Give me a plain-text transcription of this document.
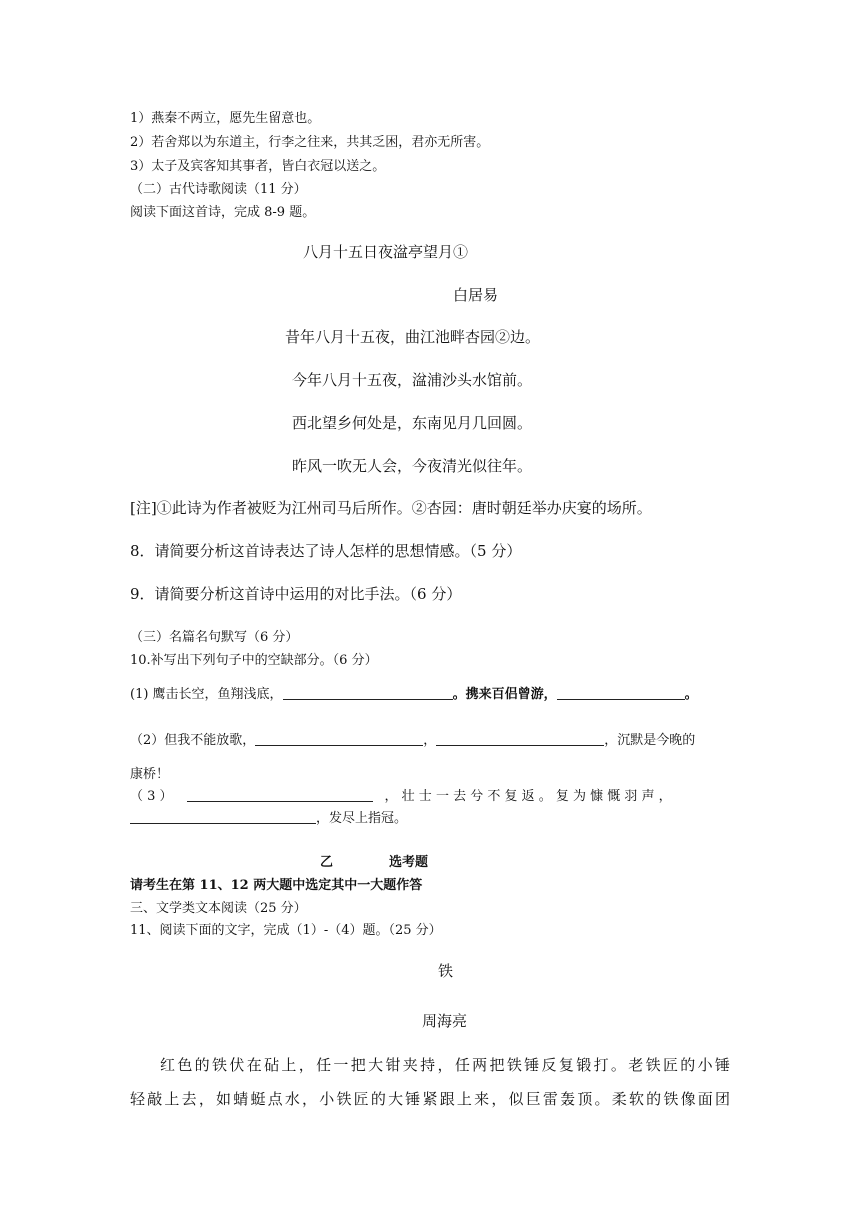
1）燕秦不两立，愿先生留意也。
2）若舍郑以为东道主，行李之往来，共其乏困，君亦无所害。
3）太子及宾客知其事者，皆白衣冠以送之。
（二）古代诗歌阅读（11 分）
阅读下面这首诗，完成 8-9 题。
八月十五日夜湓亭望月①
白居易
昔年八月十五夜，曲江池畔杏园②边。
今年八月十五夜，湓浦沙头水馆前。
西北望乡何处是，东南见月几回圆。
昨风一吹无人会，今夜清光似往年。
[注]①此诗为作者被贬为江州司马后所作。②杏园：唐时朝廷举办庆宴的场所。
8．请简要分析这首诗表达了诗人怎样的思想情感。（5 分）
9．请简要分析这首诗中运用的对比手法。（6 分）
（三）名篇名句默写（6 分）
10.补写出下列句子中的空缺部分。（6 分）
(1) 鹰击长空，鱼翔浅底，	。携来百侣曾游，	。
（2）但我不能放歌，	，	，沉默是今晚的
康桥！
（ 3 ）	， 壮 士 一 去 兮 不 复 返 。 复 为 慷 慨 羽 声 ，
，发尽上指冠。
乙	选考题
请考生在第 11、12 两大题中选定其中一大题作答
三、文学类文本阅读（25 分）
11、阅读下面的文字，完成（1）-（4）题。（25 分）
铁
周海亮
红色的铁伏在砧上，任一把大钳夹持，任两把铁锤反复锻打。老铁匠的小锤
轻敲上去，如蜻蜓点水，小铁匠的大锤紧跟上来，似巨雷轰顶。柔软的铁像面团
